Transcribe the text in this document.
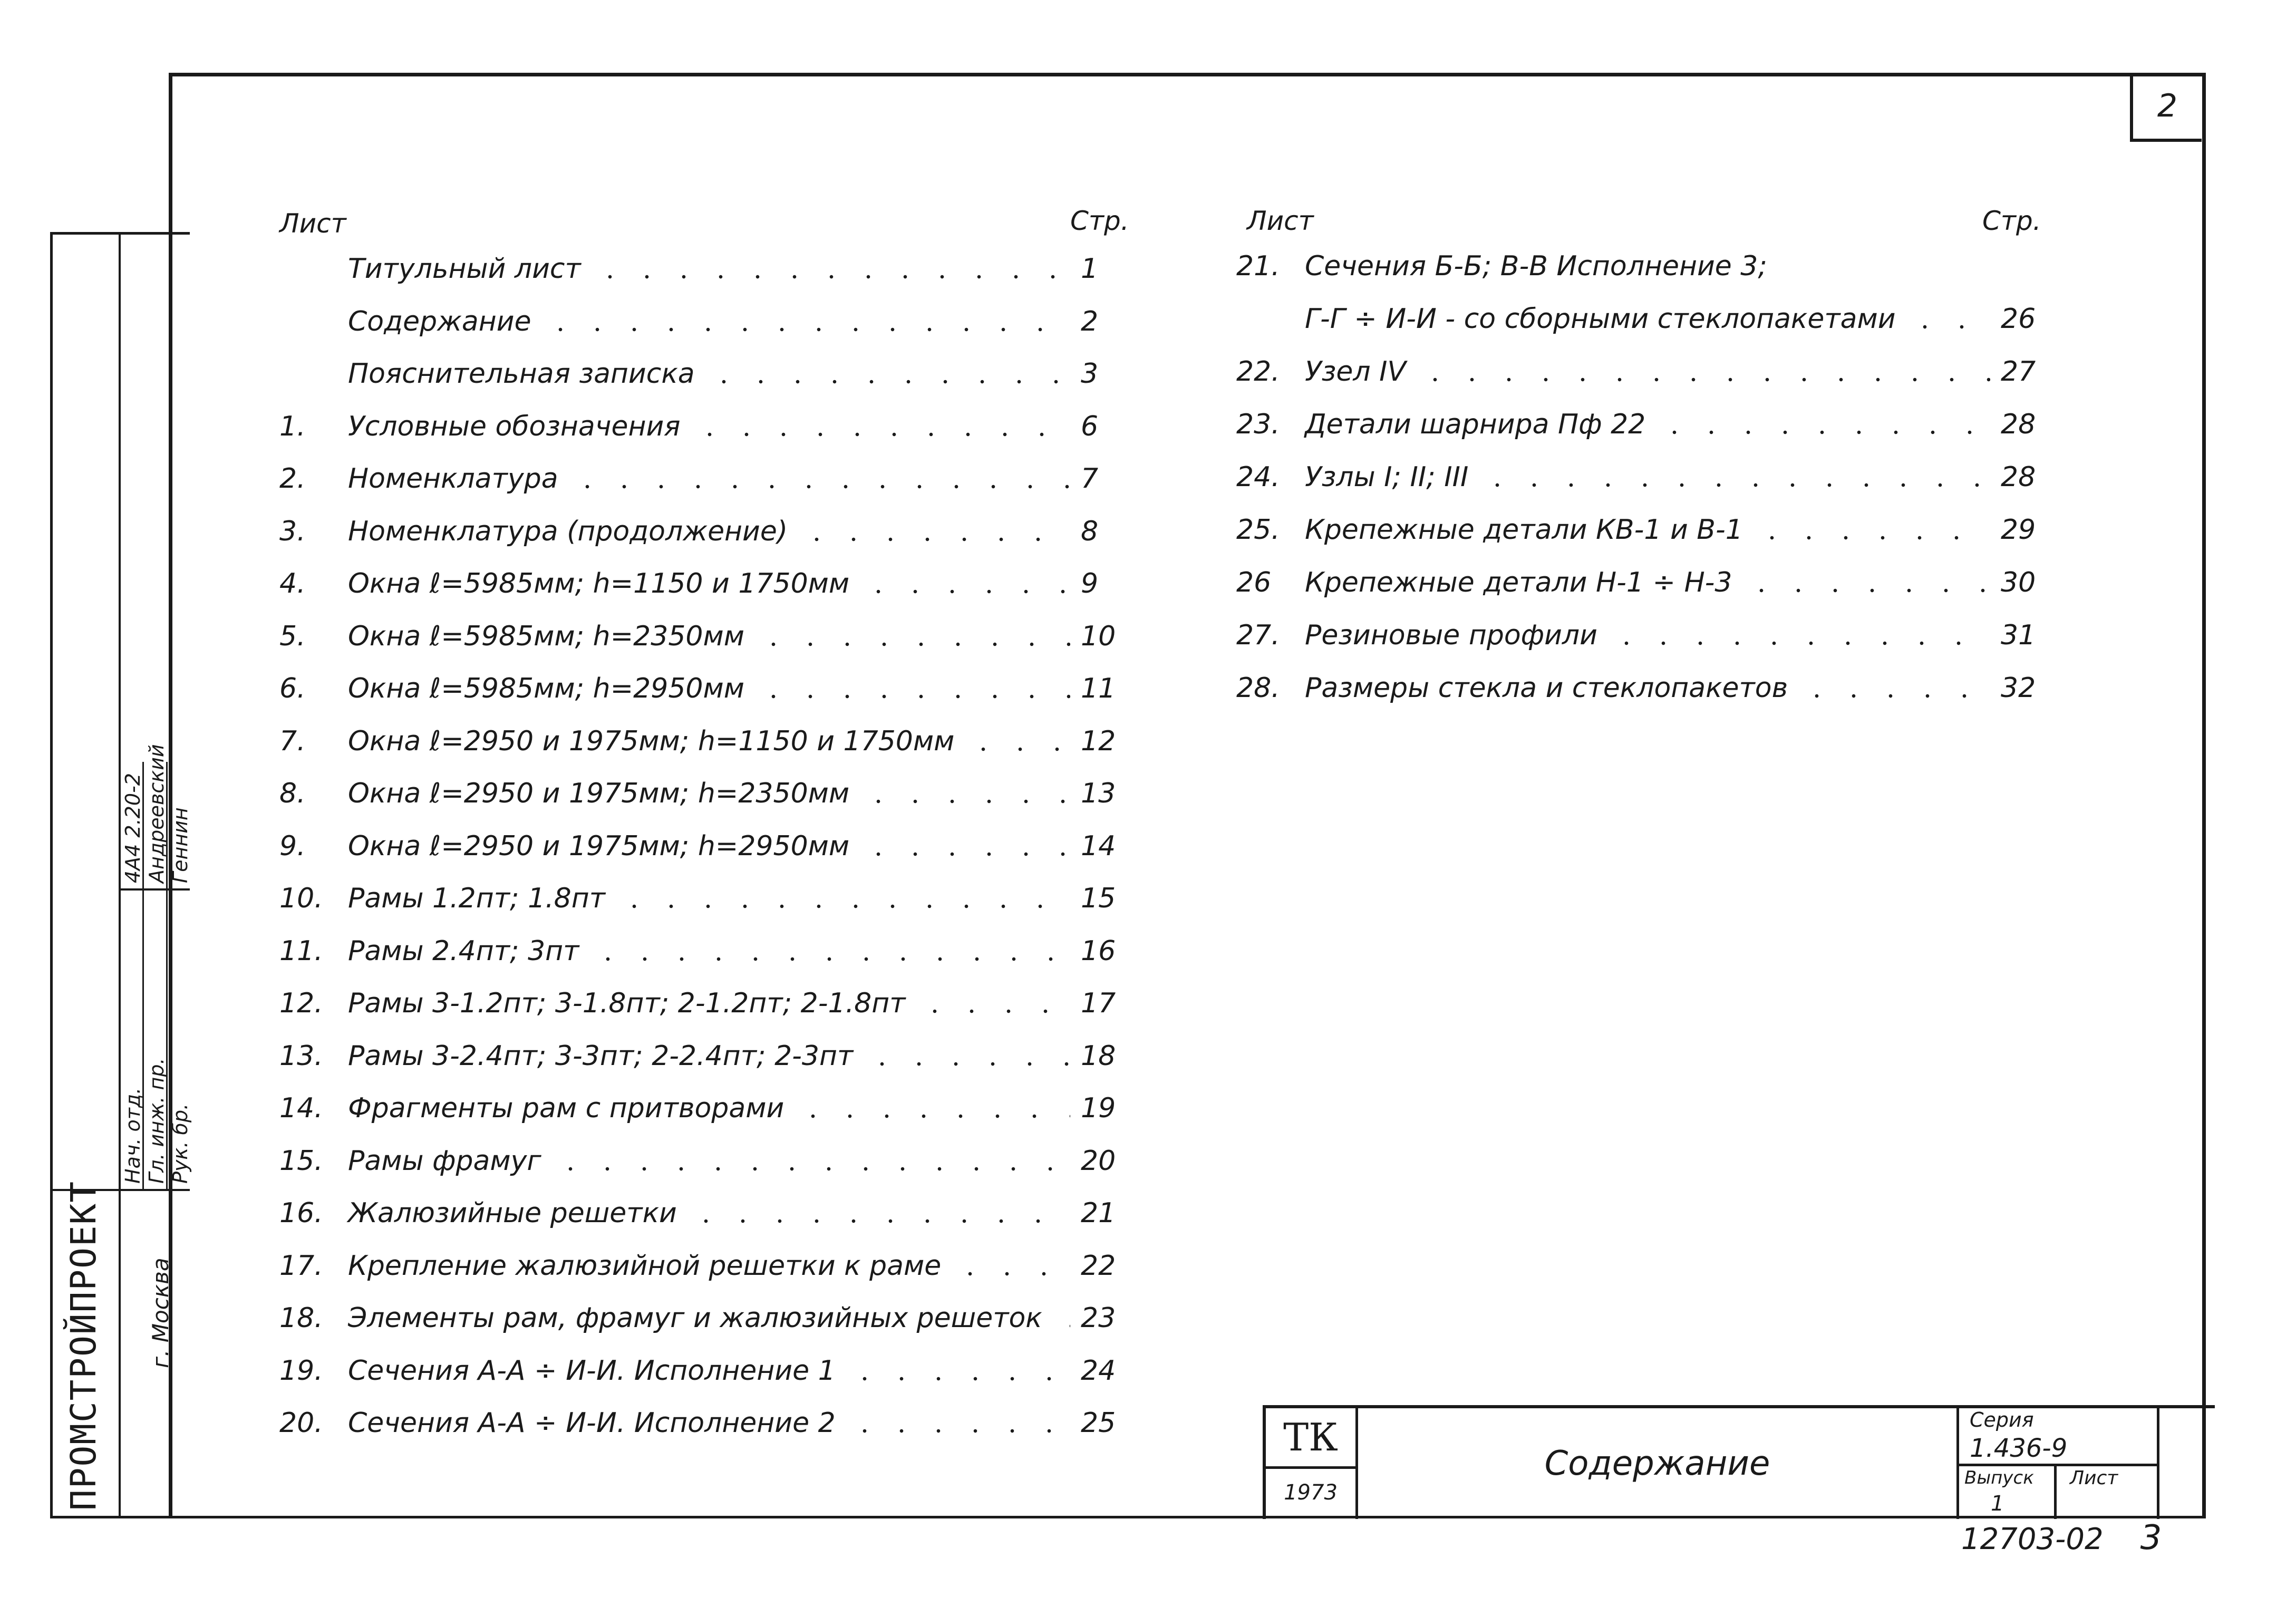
2
Лист	Стр.
Титульный лист	1
Содержание	2
Пояснительная записка	3
1.	Условные обозначения	6
2.	Номенклатура	7
3.	Номенклатура (продолжение)	8
4.	Окна ℓ=5985мм; h=1150 и 1750мм	9
5.	Окна ℓ=5985мм; h=2350мм	10
6.	Окна ℓ=5985мм; h=2950мм	11
7.	Окна ℓ=2950 и 1975мм; h=1150 и 1750мм	12
8.	Окна ℓ=2950 и 1975мм; h=2350мм	13
9.	Окна ℓ=2950 и 1975мм; h=2950мм	14
10. Рамы 1.2пт; 1.8пт	15
11. Рамы 2.4пт; 3пт	16
12. Рамы 3-1.2пт; 3-1.8пт; 2-1.2пт; 2-1.8пт	17
13. Рамы 3-2.4пт; 3-3пт; 2-2.4пт; 2-3пт	18
14. Фрагменты рам с притворами	19
15. Рамы фрамуг	20
16. Жалюзийные решетки	21
17. Крепление жалюзийной решетки к раме	22
18. Элементы рам, фрамуг и жалюзийных решеток 23
19. Сечения А-А ÷ И-И. Исполнение 1	24
20. Сечения А-А ÷ И-И. Исполнение 2	25
Лист	Стр.
21. Сечения Б-Б; В-В Исполнение 3;
Г-Г ÷ И-И - со сборными стеклопакетами	26
22. Узел IV	27
23. Детали шарнира Пф 22	28
24. Узлы I; II; III	28
25. Крепежные детали КВ-1 и В-1	29
26	Крепежные детали Н-1 ÷ Н-3	30
27. Резиновые профили	31
28. Размеры стекла и стеклопакетов	32
ПРОМСТРОЙПРОЕКТ г. Москва
Нач. отд. Гл. инж. пр. Рук. бр.
4А4 2.20-2 Андреевский Геннин
ТК
1973
Содержание
Серия
1.436-9
Выпуск
1
Лист
12703-02 3
